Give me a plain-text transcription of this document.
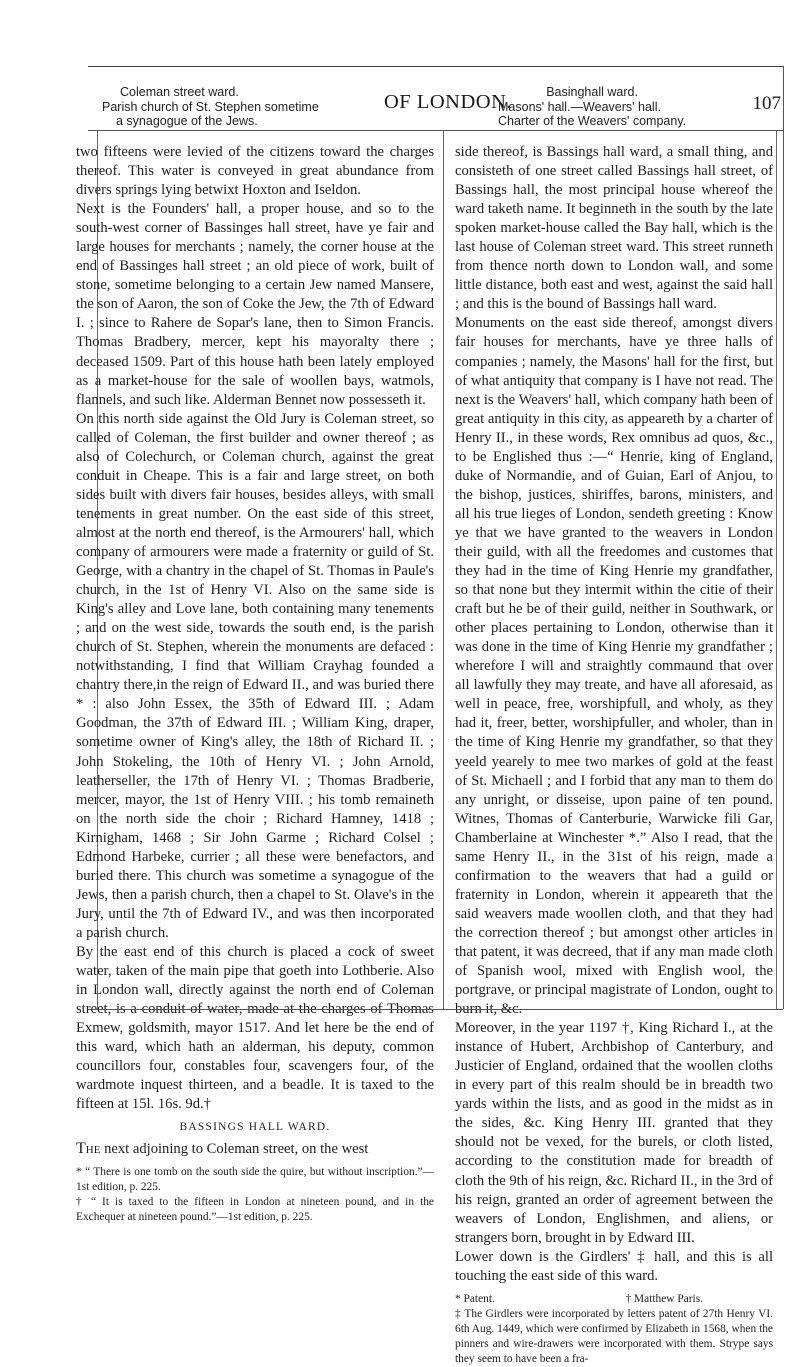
Coleman street ward.
Parish church of St. Stephen sometime
a synagogue of the Jews.
OF LONDON.	Basinghall ward.
Masons' hall.—Weavers' hall.
Charter of the Weavers' company.
107

two fifteens were levied of the citizens toward the charges thereof. This water is conveyed in great abundance from divers springs lying betwixt Hoxton and Iseldon.

Next is the Founders' hall, a proper house, and so to the south-west corner of Bassinges hall street, have ye fair and large houses for merchants ; namely, the corner house at the end of Bassinges hall street ; an old piece of work, built of stone, sometime belonging to a certain Jew named Mansere, the son of Aaron, the son of Coke the Jew, the 7th of Edward I. ; since to Rahere de Sopar's lane, then to Simon Francis. Thomas Bradbery, mercer, kept his mayoralty there ; deceased 1509. Part of this house hath been lately employed as a market-house for the sale of woollen bays, watmols, flannels, and such like. Alderman Bennet now possesseth it.

On this north side against the Old Jury is Coleman street, so called of Coleman, the first builder and owner thereof ; as also of Colechurch, or Coleman church, against the great conduit in Cheape. This is a fair and large street, on both sides built with divers fair houses, besides alleys, with small tenements in great number. On the east side of this street, almost at the north end thereof, is the Armourers' hall, which company of armourers were made a fraternity or guild of St. George, with a chantry in the chapel of St. Thomas in Paule's church, in the 1st of Henry VI. Also on the same side is King's alley and Love lane, both containing many tenements ; and on the west side, towards the south end, is the parish church of St. Stephen, wherein the monuments are defaced : notwithstanding, I find that William Crayhag founded a chantry there,in the reign of Edward II., and was buried there * : also John Essex, the 35th of Edward III. ; Adam Goodman, the 37th of Edward III. ; William King, draper, sometime owner of King's alley, the 18th of Richard II. ; John Stokeling, the 10th of Henry VI. ; John Arnold, leatherseller, the 17th of Henry VI. ; Thomas Bradberie, mercer, mayor, the 1st of Henry VIII. ; his tomb remaineth on the north side the choir ; Richard Hamney, 1418 ; Kirnigham, 1468 ; Sir John Garme ; Richard Colsel ; Edmond Harbeke, currier ; all these were benefactors, and buried there. This church was sometime a synagogue of the Jews, then a parish church, then a chapel to St. Olave's in the Jury, until the 7th of Edward IV., and was then incorporated a parish church.

By the east end of this church is placed a cock of sweet water, taken of the main pipe that goeth into Lothberie. Also in London wall, directly against the north end of Coleman street, is a conduit of water, made at the charges of Thomas Exmew, goldsmith, mayor 1517. And let here be the end of this ward, which hath an alderman, his deputy, common councillors four, constables four, scavengers four, of the wardmote inquest thirteen, and a beadle. It is taxed to the fifteen at 15l. 16s. 9d.†

BASSINGS HALL WARD.

The next adjoining to Coleman street, on the west

* “ There is one tomb on the south side the quire, but without inscription.”—1st edition, p. 225.

† “ It is taxed to the fifteen in London at nineteen pound, and in the Exchequer at nineteen pound.”—1st edition, p. 225.

side thereof, is Bassings hall ward, a small thing, and consisteth of one street called Bassings hall street, of Bassings hall, the most principal house whereof the ward taketh name. It beginneth in the south by the late spoken market-house called the Bay hall, which is the last house of Coleman street ward. This street runneth from thence north down to London wall, and some little distance, both east and west, against the said hall ; and this is the bound of Bassings hall ward.

Monuments on the east side thereof, amongst divers fair houses for merchants, have ye three halls of companies ; namely, the Masons' hall for the first, but of what antiquity that company is I have not read. The next is the Weavers' hall, which company hath been of great antiquity in this city, as appeareth by a charter of Henry II., in these words, Rex omnibus ad quos, &c., to be Englished thus :—“ Henrie, king of England, duke of Normandie, and of Guian, Earl of Anjou, to the bishop, justices, shiriffes, barons, ministers, and all his true lieges of London, sendeth greeting : Know ye that we have granted to the weavers in London their guild, with all the freedomes and customes that they had in the time of King Henrie my grandfather, so that none but they intermit within the citie of their craft but he be of their guild, neither in Southwark, or other places pertaining to London, otherwise than it was done in the time of King Henrie my grandfather ; wherefore I will and straightly commaund that over all lawfully they may treate, and have all aforesaid, as well in peace, free, worshipfull, and wholy, as they had it, freer, better, worshipfuller, and wholer, than in the time of King Henrie my grandfather, so that they yeeld yearely to mee two markes of gold at the feast of St. Michaell ; and I forbid that any man to them do any unright, or disseise, upon paine of ten pound. Witnes, Thomas of Canterburie, Warwicke fili Gar, Chamberlaine at Winchester *.” Also I read, that the same Henry II., in the 31st of his reign, made a confirmation to the weavers that had a guild or fraternity in London, wherein it appeareth that the said weavers made woollen cloth, and that they had the correction thereof ; but amongst other articles in that patent, it was decreed, that if any man made cloth of Spanish wool, mixed with English wool, the portgrave, or principal magistrate of London, ought to burn it, &c.

Moreover, in the year 1197 †, King Richard I., at the instance of Hubert, Archbishop of Canterbury, and Justicier of England, ordained that the woollen cloths in every part of this realm should be in breadth two yards within the lists, and as good in the midst as in the sides, &c. King Henry III. granted that they should not be vexed, for the burels, or cloth listed, according to the constitution made for breadth of cloth the 9th of his reign, &c. Richard II., in the 3rd of his reign, granted an order of agreement between the weavers of London, Englishmen, and aliens, or strangers born, brought in by Edward III.

Lower down is the Girdlers' ‡ hall, and this is all touching the east side of this ward.

* Patent.	† Matthew Paris.

‡ The Girdlers were incorporated by letters patent of 27th Henry VI. 6th Aug. 1449, which were confirmed by Elizabeth in 1568, when the pinners and wire-drawers were incorporated with them. Strype says they seem to have been a fra-
